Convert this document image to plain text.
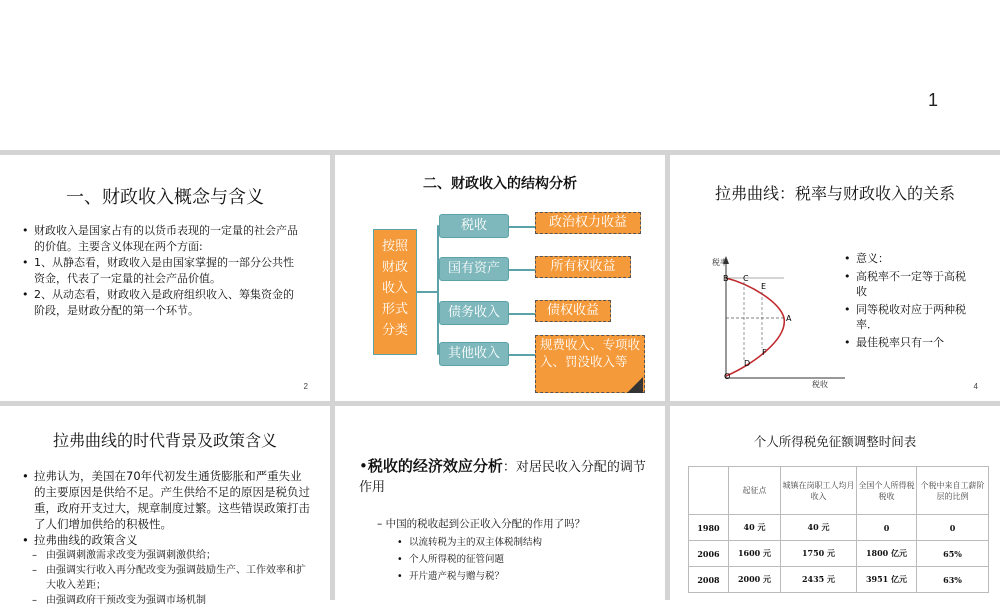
1
一、财政收入概念与含义
• 财政收入是国家占有的以货币表现的一定量的社会产品的价值。主要含义体现在两个方面:
• 1、从静态看，财政收入是由国家掌握的一部分公共性资金，代表了一定量的社会产品价值。
• 2、从动态看，财政收入是政府组织收入、筹集资金的阶段，是财政分配的第一个环节。
2
二、财政收入的结构分析
按照财政收入形式分类
税收
国有资产
债务收入
其他收入
政治权力收益
所有权收益
债权收益
规费收入、专项收入、罚没收入等
3
拉弗曲线：税率与财政收入的关系
税率
税收
B C
E
A
F
D
O
• 意义：
• 高税率不一定等于高税收
• 同等税收对应于两种税率．
• 最佳税率只有一个
4
拉弗曲线的时代背景及政策含义
• 拉弗认为，美国在70年代初发生通货膨胀和严重失业的主要原因是供给不足。产生供给不足的原因是税负过重，政府开支过大，规章制度过繁。这些错误政策打击了人们增加供给的积极性。
• 拉弗曲线的政策含义
– 由强调刺激需求改变为强调刺激供给；
– 由强调实行收入再分配改变为强调鼓励生产、工作效率和扩大收入差距；
– 由强调政府干预改变为强调市场机制
•税收的经济效应分析：对居民收入分配的调节作用
– 中国的税收起到公正收入分配的作用了吗？
• 以流转税为主的双主体税制结构
• 个人所得税的征管问题
• 开片遗产税与赠与税？
个人所得税免征额调整时间表
	起征点	城镇在岗职工人均月收入	全国个人所得税税收	个税中来自工薪阶层的比例
1980	40 元	40 元	0	0
2006	1600 元	1750 元	1800 亿元	65%
2008	2000 元	2435 元	3951 亿元	63%
